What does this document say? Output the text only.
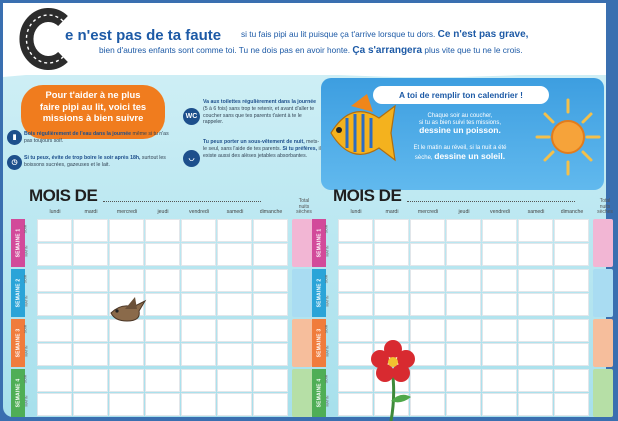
e n'est pas de ta faute si tu fais pipi au lit puisque ça t'arrive lorsque tu dors. Ce n'est pas grave,
bien d'autres enfants sont comme toi. Tu ne dois pas en avoir honte. Ça s'arrangera plus vite que tu ne le crois.
Pour t'aider à ne plus
faire pipi au lit, voici tes
missions à bien suivre
▮	Bois régulièrement de l'eau dans la journée même si tu n'as pas toujours soif.
◷
Si tu peux, évite de trop boire le soir après 18h, surtout les boissons sucrées, gazeuses et le lait.
WC
Va aux toilettes régulièrement dans la journée (5 à 6 fois) sans trop te retenir, et avant d'aller te coucher sans que tes parents t'aient à te le rappeler.
◡
Tu peux porter un sous-vêtement de nuit, mets-le seul, sans l'aide de tes parents. Si tu préfères, il existe aussi des alèses jetables absorbantes.
A toi de remplir ton calendrier !
Chaque soir au coucher,
si tu as bien suivi tes missions,
dessine un poisson.
Et le matin au réveil, si la nuit a été
sèche, dessine un soleil.
MOIS DE
lundi	mardi	mercredi	jeudi	vendredi	samedi	dimanche
Total
nuits
sèches
SEMAINE 1 SOIR
MATIN
SEMAINE 2 SOIR
MATIN
SEMAINE 3 SOIR
MATIN
SEMAINE 4 SOIR
MATIN
MOIS DE
lundi	mardi	mercredi	jeudi	vendredi	samedi	dimanche
Total
nuits
sèches
SEMAINE 1 SOIR
MATIN
SEMAINE 2 SOIR
MATIN
SEMAINE 3 SOIR
MATIN
SEMAINE 4 SOIR
MATIN
